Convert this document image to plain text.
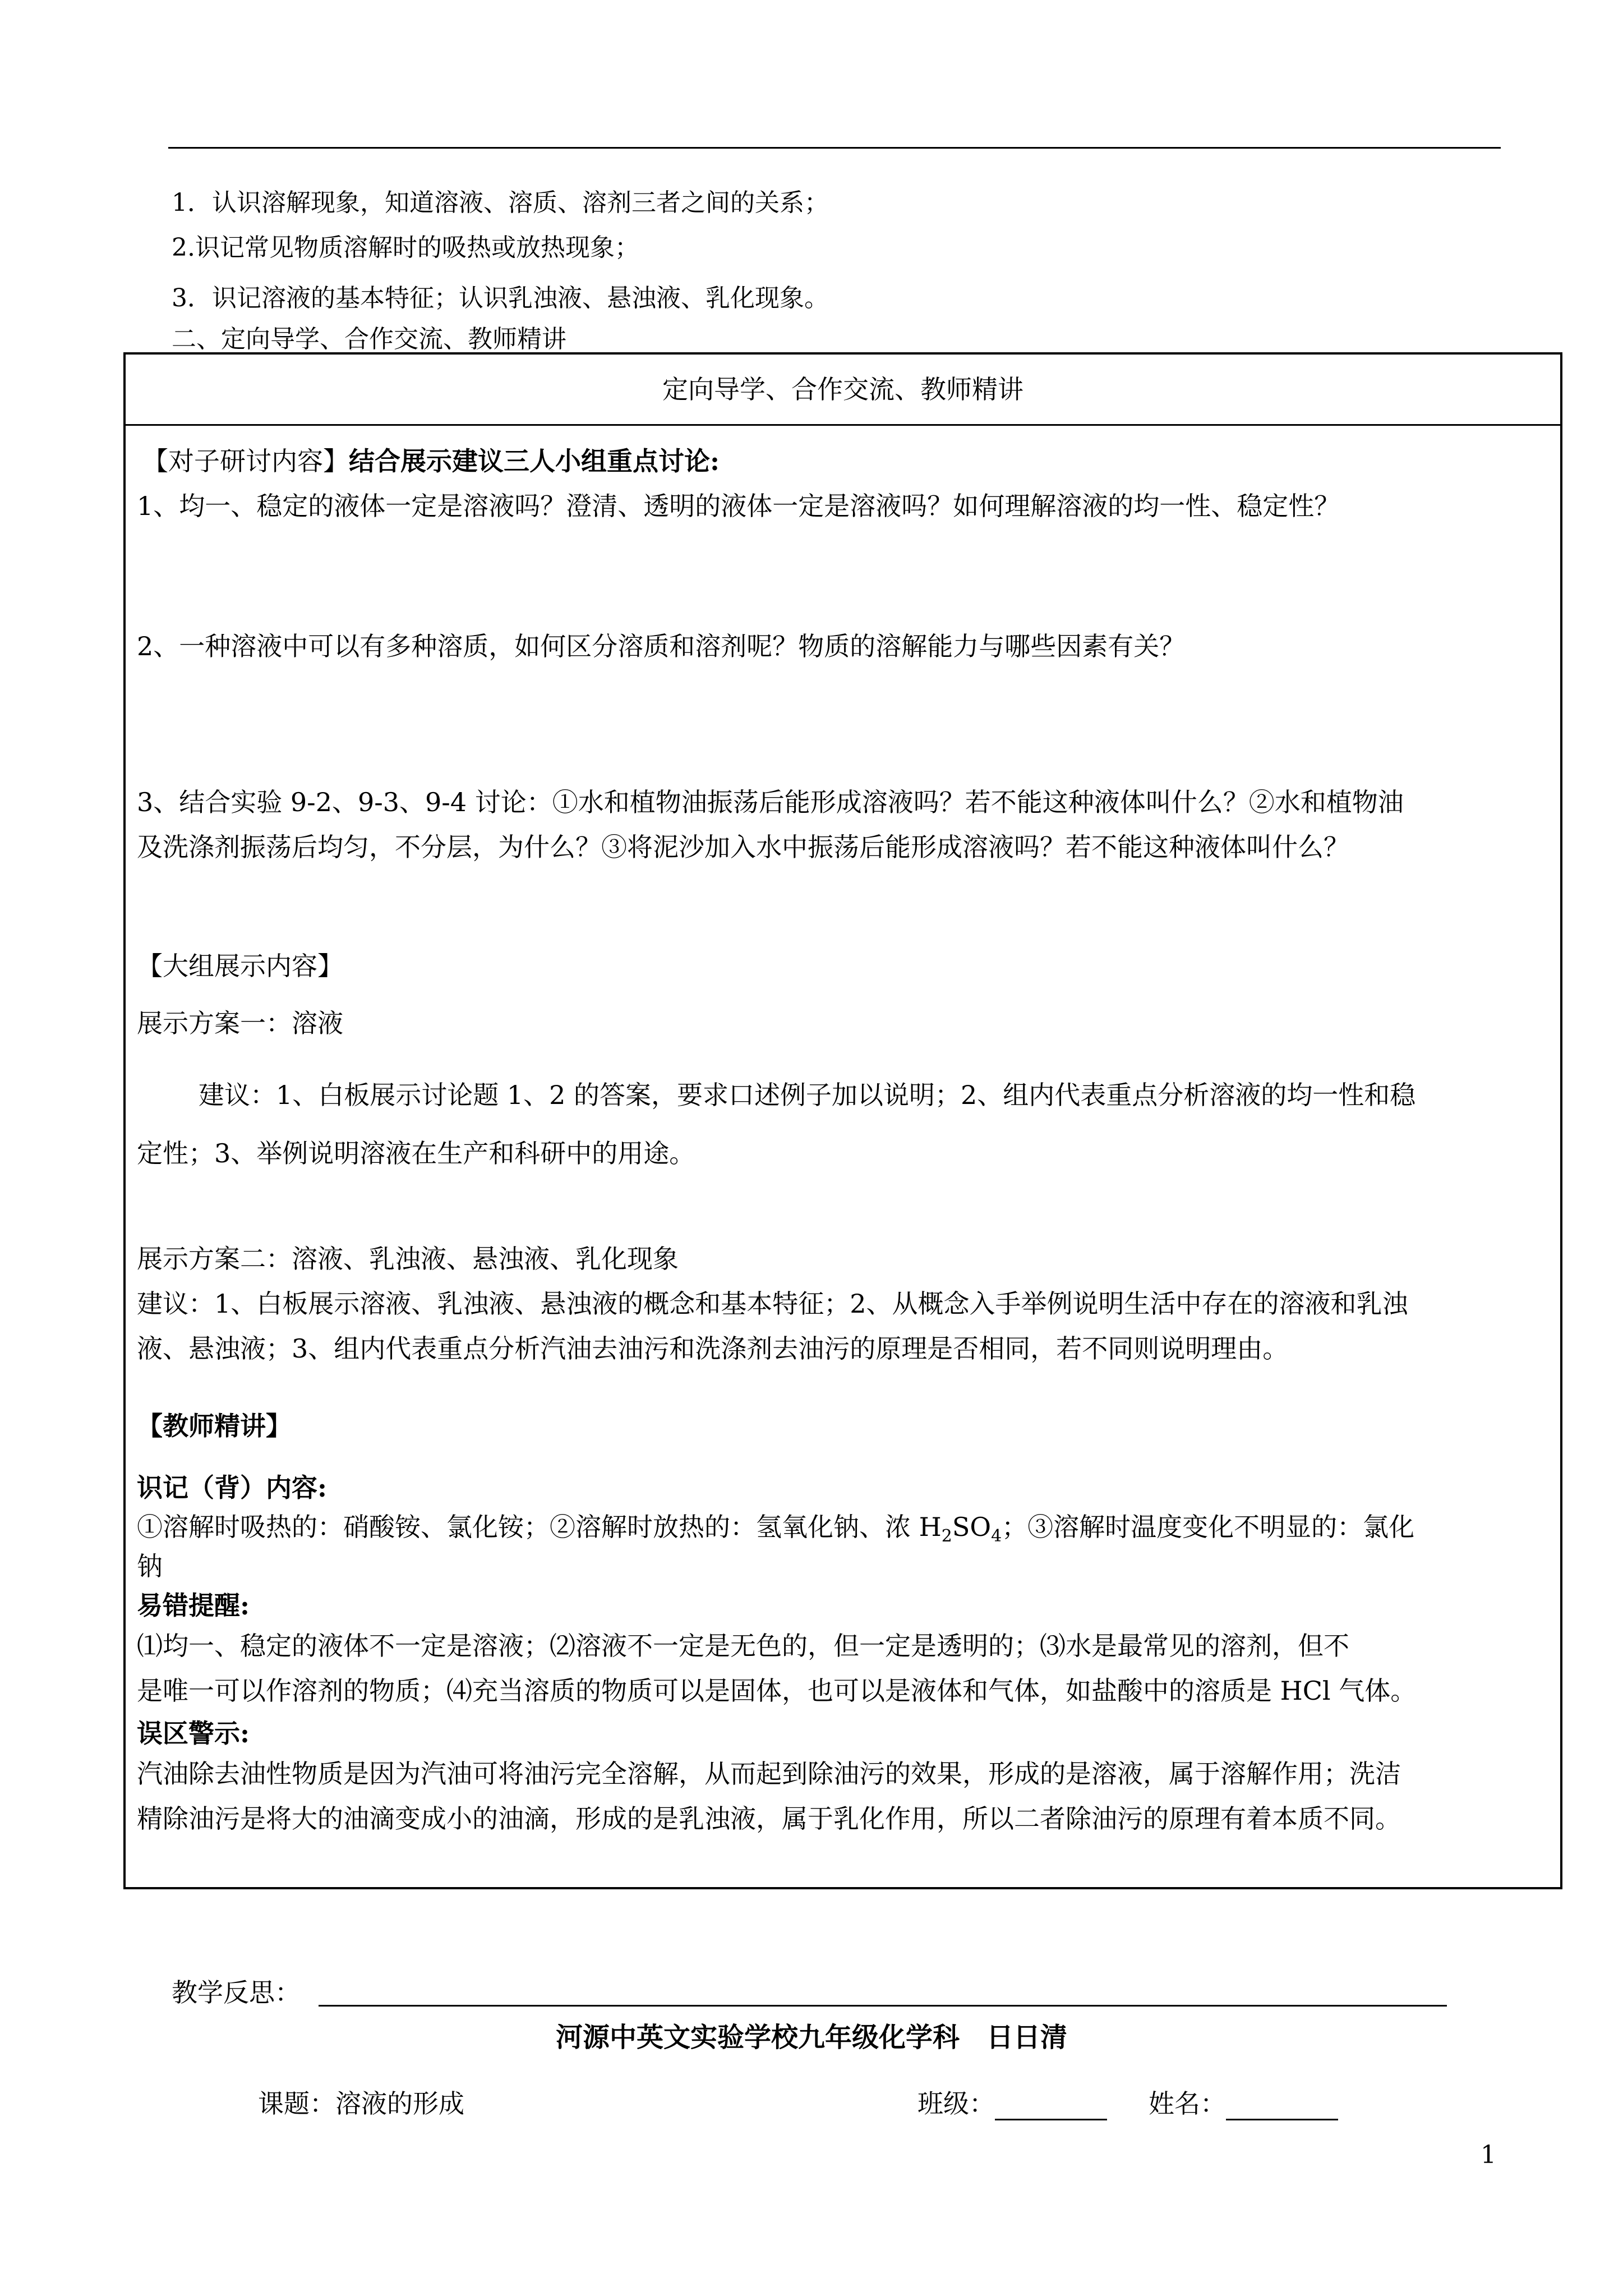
1．认识溶解现象，知道溶液、溶质、溶剂三者之间的关系；
2.识记常见物质溶解时的吸热或放热现象；
3．识记溶液的基本特征；认识乳浊液、悬浊液、乳化现象。
二、定向导学、合作交流、教师精讲
定向导学、合作交流、教师精讲
【对子研讨内容】结合展示建议三人小组重点讨论:
1、均一、稳定的液体一定是溶液吗？澄清、透明的液体一定是溶液吗？如何理解溶液的均一性、稳定性？
2、一种溶液中可以有多种溶质，如何区分溶质和溶剂呢？物质的溶解能力与哪些因素有关？
3、结合实验 9-2、9-3、9-4 讨论：①水和植物油振荡后能形成溶液吗？若不能这种液体叫什么？②水和植物油
及洗涤剂振荡后均匀，不分层，为什么？③将泥沙加入水中振荡后能形成溶液吗？若不能这种液体叫什么？
【大组展示内容】
展示方案一：溶液
建议：1、白板展示讨论题 1、2 的答案，要求口述例子加以说明；2、组内代表重点分析溶液的均一性和稳
定性；3、举例说明溶液在生产和科研中的用途。
展示方案二：溶液、乳浊液、悬浊液、乳化现象
建议：1、白板展示溶液、乳浊液、悬浊液的概念和基本特征；2、从概念入手举例说明生活中存在的溶液和乳浊
液、悬浊液；3、组内代表重点分析汽油去油污和洗涤剂去油污的原理是否相同，若不同则说明理由。
【教师精讲】
识记（背）内容:
①溶解时吸热的：硝酸铵、氯化铵；②溶解时放热的：氢氧化钠、浓 $H_2SO_4$；③溶解时温度变化不明显的：氯化
钠
易错提醒:
⑴均一、稳定的液体不一定是溶液；⑵溶液不一定是无色的，但一定是透明的；⑶水是最常见的溶剂，但不
是唯一可以作溶剂的物质；⑷充当溶质的物质可以是固体，也可以是液体和气体，如盐酸中的溶质是 HCl 气体。
误区警示:
汽油除去油性物质是因为汽油可将油污完全溶解，从而起到除油污的效果，形成的是溶液，属于溶解作用；洗洁
精除油污是将大的油滴变成小的油滴，形成的是乳浊液，属于乳化作用，所以二者除油污的原理有着本质不同。
教学反思：
河源中英文实验学校九年级化学科　日日清
课题：溶液的形成	班级：	姓名：
1
